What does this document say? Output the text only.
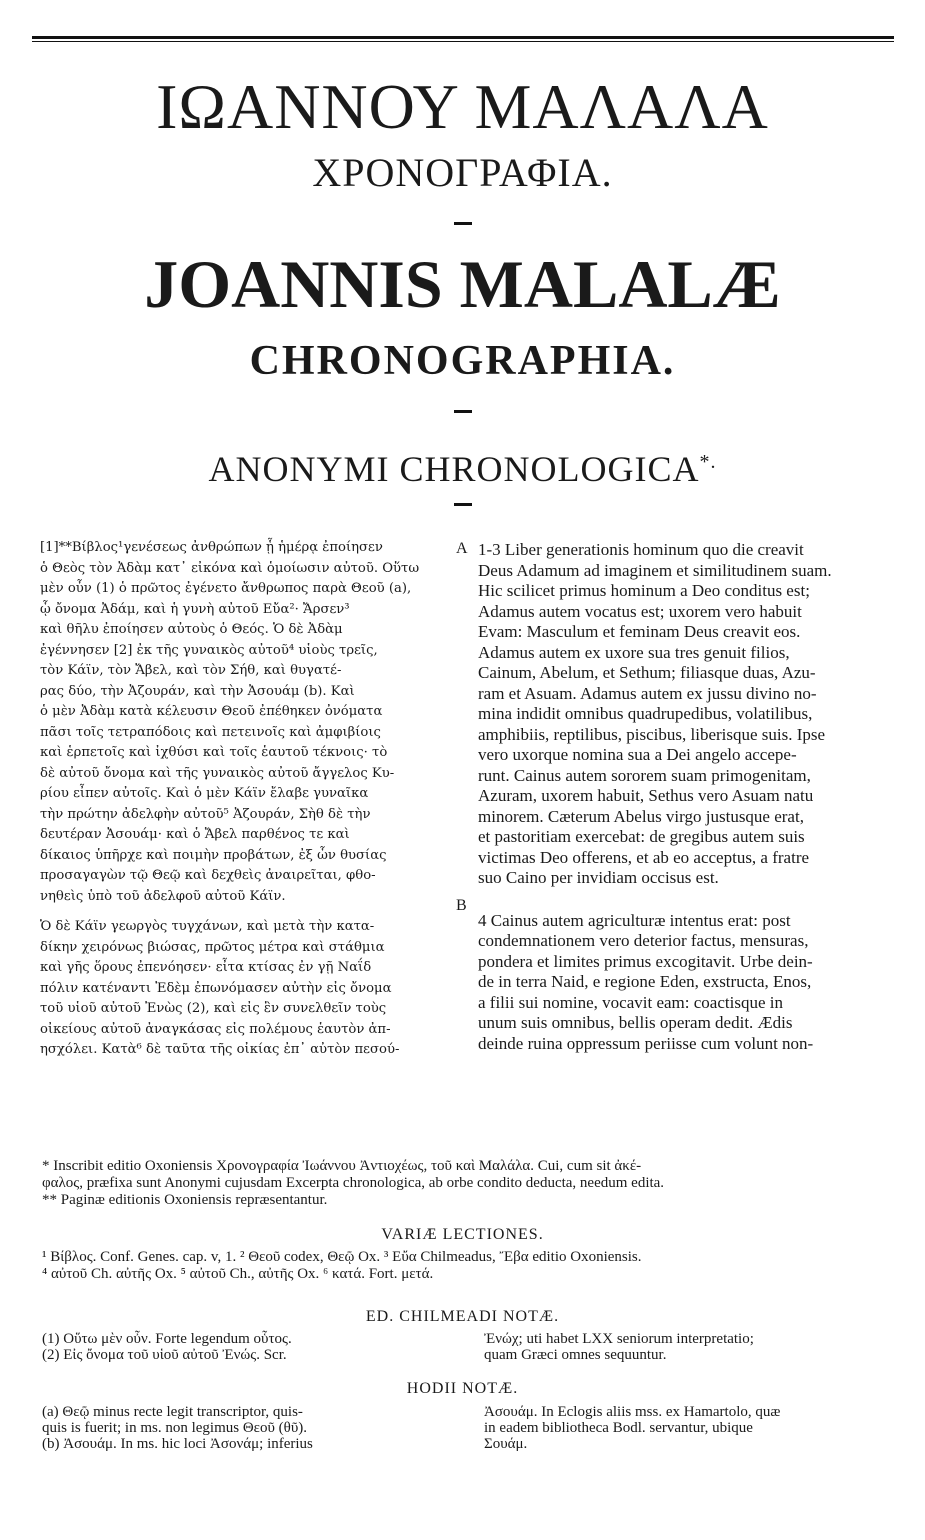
ΙΩΑΝΝΟΥ ΜΑΛΑΛΑ
ΧΡΟΝΟΓΡΑΦΙΑ.
JOANNIS MALALÆ
CHRONOGRAPHIA.
ANONYMI CHRONOLOGICA*.
[1]**Βίβλος¹γενέσεως ἀνθρώπων ᾗ ἡμέρᾳ ἐποίησεν
ὁ Θεὸς τὸν Ἀδὰμ κατ᾽ εἰκόνα καὶ ὁμοίωσιν αὐτοῦ. Οὕτω
μὲν οὖν (1) ὁ πρῶτος ἐγένετο ἄνθρωπος παρὰ Θεοῦ (a),
ᾧ ὄνομα Ἀδάμ, καὶ ἡ γυνὴ αὐτοῦ Εὔα²· Ἄρσεν³
καὶ θῆλυ ἐποίησεν αὐτοὺς ὁ Θεός. Ὁ δὲ Ἀδὰμ
ἐγέννησεν [2] ἐκ τῆς γυναικὸς αὐτοῦ⁴ υἱοὺς τρεῖς,
τὸν Κάϊν, τὸν Ἄβελ, καὶ τὸν Σήθ, καὶ θυγατέ-
ρας δύο, τὴν Ἀζουράν, καὶ τὴν Ἀσουάμ (b). Καὶ
ὁ μὲν Ἀδὰμ κατὰ κέλευσιν Θεοῦ ἐπέθηκεν ὀνόματα
πᾶσι τοῖς τετραπόδοις καὶ πετεινοῖς καὶ ἀμφιβίοις
καὶ ἑρπετοῖς καὶ ἰχθύσι καὶ τοῖς ἑαυτοῦ τέκνοις· τὸ
δὲ αὐτοῦ ὄνομα καὶ τῆς γυναικὸς αὐτοῦ ἄγγελος Κυ-
ρίου εἶπεν αὐτοῖς. Καὶ ὁ μὲν Κάϊν ἔλαβε γυναῖκα
τὴν πρώτην ἀδελφὴν αὐτοῦ⁵ Ἀζουράν, Σὴθ δὲ τὴν
δευτέραν Ἀσουάμ· καὶ ὁ Ἄβελ παρθένος τε καὶ
δίκαιος ὑπῆρχε καὶ ποιμὴν προβάτων, ἐξ ὧν θυσίας
προσαγαγὼν τῷ Θεῷ καὶ δεχθεὶς ἀναιρεῖται, φθο-
νηθεὶς ὑπὸ τοῦ ἀδελφοῦ αὐτοῦ Κάϊν.
Ὁ δὲ Κάϊν γεωργὸς τυγχάνων, καὶ μετὰ τὴν κατα-
δίκην χειρόνως βιώσας, πρῶτος μέτρα καὶ στάθμια
καὶ γῆς ὅρους ἐπενόησεν· εἶτα κτίσας ἐν γῇ Ναΐδ
πόλιν κατέναντι Ἐδὲμ ἐπωνόμασεν αὐτὴν εἰς ὄνομα
τοῦ υἱοῦ αὐτοῦ Ἐνὼς (2), καὶ εἰς ἓν συνελθεῖν τοὺς
οἰκείους αὐτοῦ ἀναγκάσας εἰς πολέμους ἑαυτὸν ἀπ-
ησχόλει. Κατὰ⁶ δὲ ταῦτα τῆς οἰκίας ἐπ᾽ αὐτὸν πεσού-
A
B
1-3 Liber generationis hominum quo die creavit
Deus Adamum ad imaginem et similitudinem suam.
Hic scilicet primus hominum a Deo conditus est;
Adamus autem vocatus est; uxorem vero habuit
Evam: Masculum et feminam Deus creavit eos.
Adamus autem ex uxore sua tres genuit filios,
Cainum, Abelum, et Sethum; filiasque duas, Azu-
ram et Asuam. Adamus autem ex jussu divino no-
mina indidit omnibus quadrupedibus, volatilibus,
amphibiis, reptilibus, piscibus, liberisque suis. Ipse
vero uxorque nomina sua a Dei angelo accepe-
runt. Cainus autem sororem suam primogenitam,
Azuram, uxorem habuit, Sethus vero Asuam natu
minorem. Cæterum Abelus virgo justusque erat,
et pastoritiam exercebat: de gregibus autem suis
victimas Deo offerens, et ab eo acceptus, a fratre
suo Caino per invidiam occisus est.
4 Cainus autem agriculturæ intentus erat: post
condemnationem vero deterior factus, mensuras,
pondera et limites primus excogitavit. Urbe dein-
de in terra Naid, e regione Eden, exstructa, Enos,
a filii sui nomine, vocavit eam: coactisque in
unum suis omnibus, bellis operam dedit. Ædis
deinde ruina oppressum periisse cum volunt non-
* Inscribit editio Oxoniensis Χρονογραφία Ἰωάννου Ἀντιοχέως, τοῦ καὶ Μαλάλα. Cui, cum sit ἀκέ-
φαλος, præfixa sunt Anonymi cujusdam Excerpta chronologica, ab orbe condito deducta, needum edita.
** Paginæ editionis Oxoniensis repræsentantur.
VARIÆ LECTIONES.
¹ Βίβλος. Conf. Genes. cap. v, 1. ² Θεοῦ codex, Θεῷ Ox. ³ Εὔα Chilmeadus, Ἔβα editio Oxoniensis.
⁴ αὐτοῦ Ch. αὐτῆς Ox. ⁵ αὐτοῦ Ch., αὐτῆς Ox. ⁶ κατά. Fort. μετά.
ED. CHILMEADI NOTÆ.
(1) Οὕτω μὲν οὖν. Forte legendum οὗτος.
(2) Εἰς ὄνομα τοῦ υἱοῦ αὐτοῦ Ἐνώς. Scr.
Ἐνώχ; uti habet LXX seniorum interpretatio;
quam Græci omnes sequuntur.
HODII NOTÆ.
(a) Θεῷ minus recte legit transcriptor, quis-
quis is fuerit; in ms. non legimus Θεοῦ (θῦ).
(b) Ἀσουάμ. In ms. hic loci Ἀσονάμ; inferius
Ἀσουάμ. In Eclogis aliis mss. ex Hamartolo, quæ
in eadem bibliotheca Bodl. servantur, ubique
Σουάμ.
